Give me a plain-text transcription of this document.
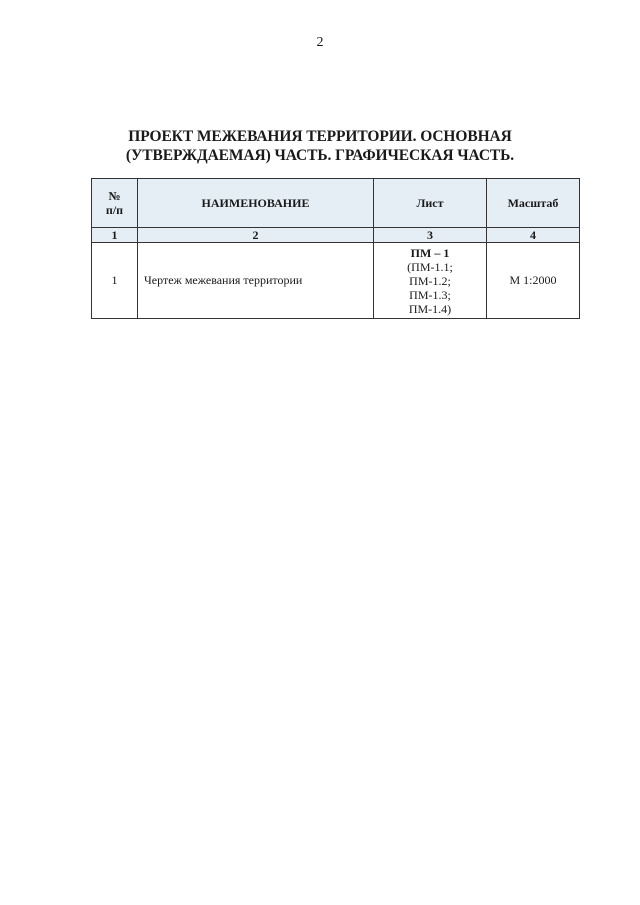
2
ПРОЕКТ МЕЖЕВАНИЯ ТЕРРИТОРИИ. ОСНОВНАЯ
(УТВЕРЖДАЕМАЯ) ЧАСТЬ. ГРАФИЧЕСКАЯ ЧАСТЬ.
№
п/п	НАИМЕНОВАНИЕ	Лист	Масштаб
1	2	3	4
1	Чертеж межевания территории	ПМ – 1
(ПМ-1.1;
ПМ-1.2;
ПМ-1.3;
ПМ-1.4)	М 1:2000
